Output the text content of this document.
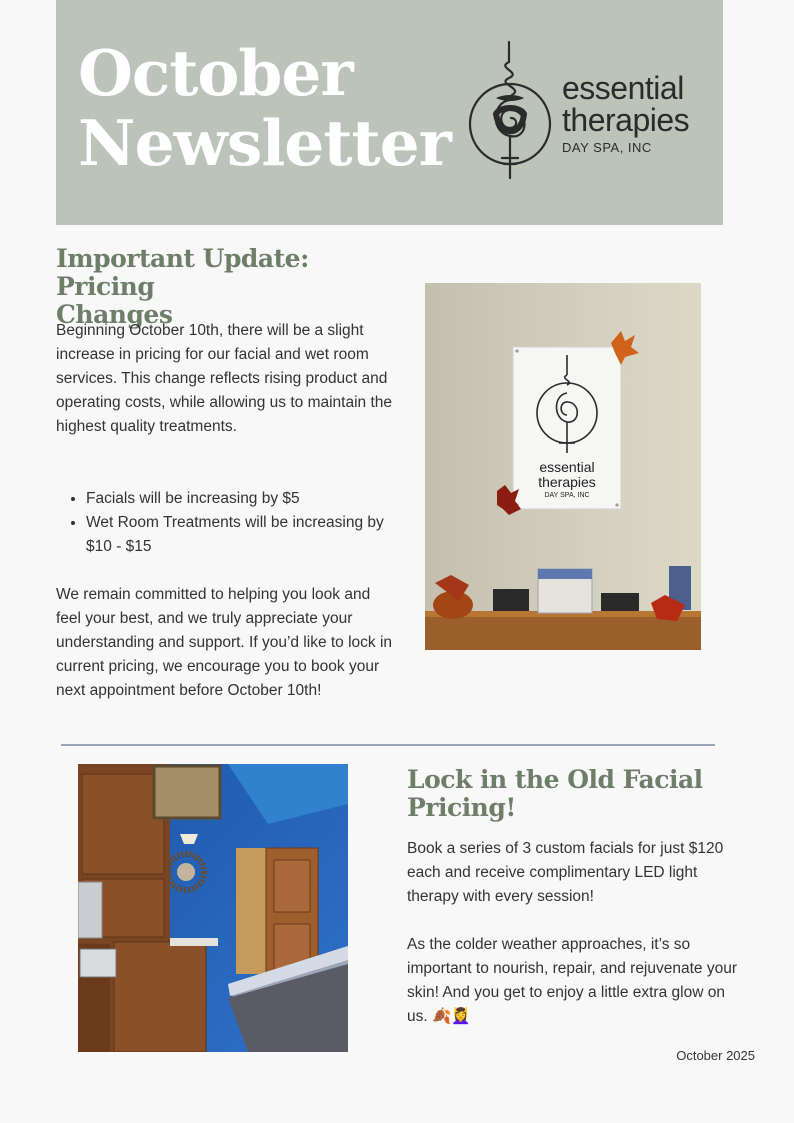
October
Newsletter
essential
therapies
DAY SPA, INC
Important Update: Pricing
Changes

Beginning October 10th, there will be a slight increase in pricing for our facial and wet room services. This change reflects rising product and operating costs, while allowing us to maintain the highest quality treatments.

• Facials will be increasing by $5
• Wet Room Treatments will be increasing by $10 - $15

We remain committed to helping you look and feel your best, and we truly appreciate your understanding and support. If you’d like to lock in current pricing, we encourage you to book your next appointment before October 10th!

essential
therapies
DAY SPA, INC
Lock in the Old Facial
Pricing!

Book a series of 3 custom facials for just $120 each and receive complimentary LED light therapy with every session!

As the colder weather approaches, it’s so important to nourish, repair, and rejuvenate your skin! And you get to enjoy a little extra glow on us. 🍂💆‍♀️

October 2025
